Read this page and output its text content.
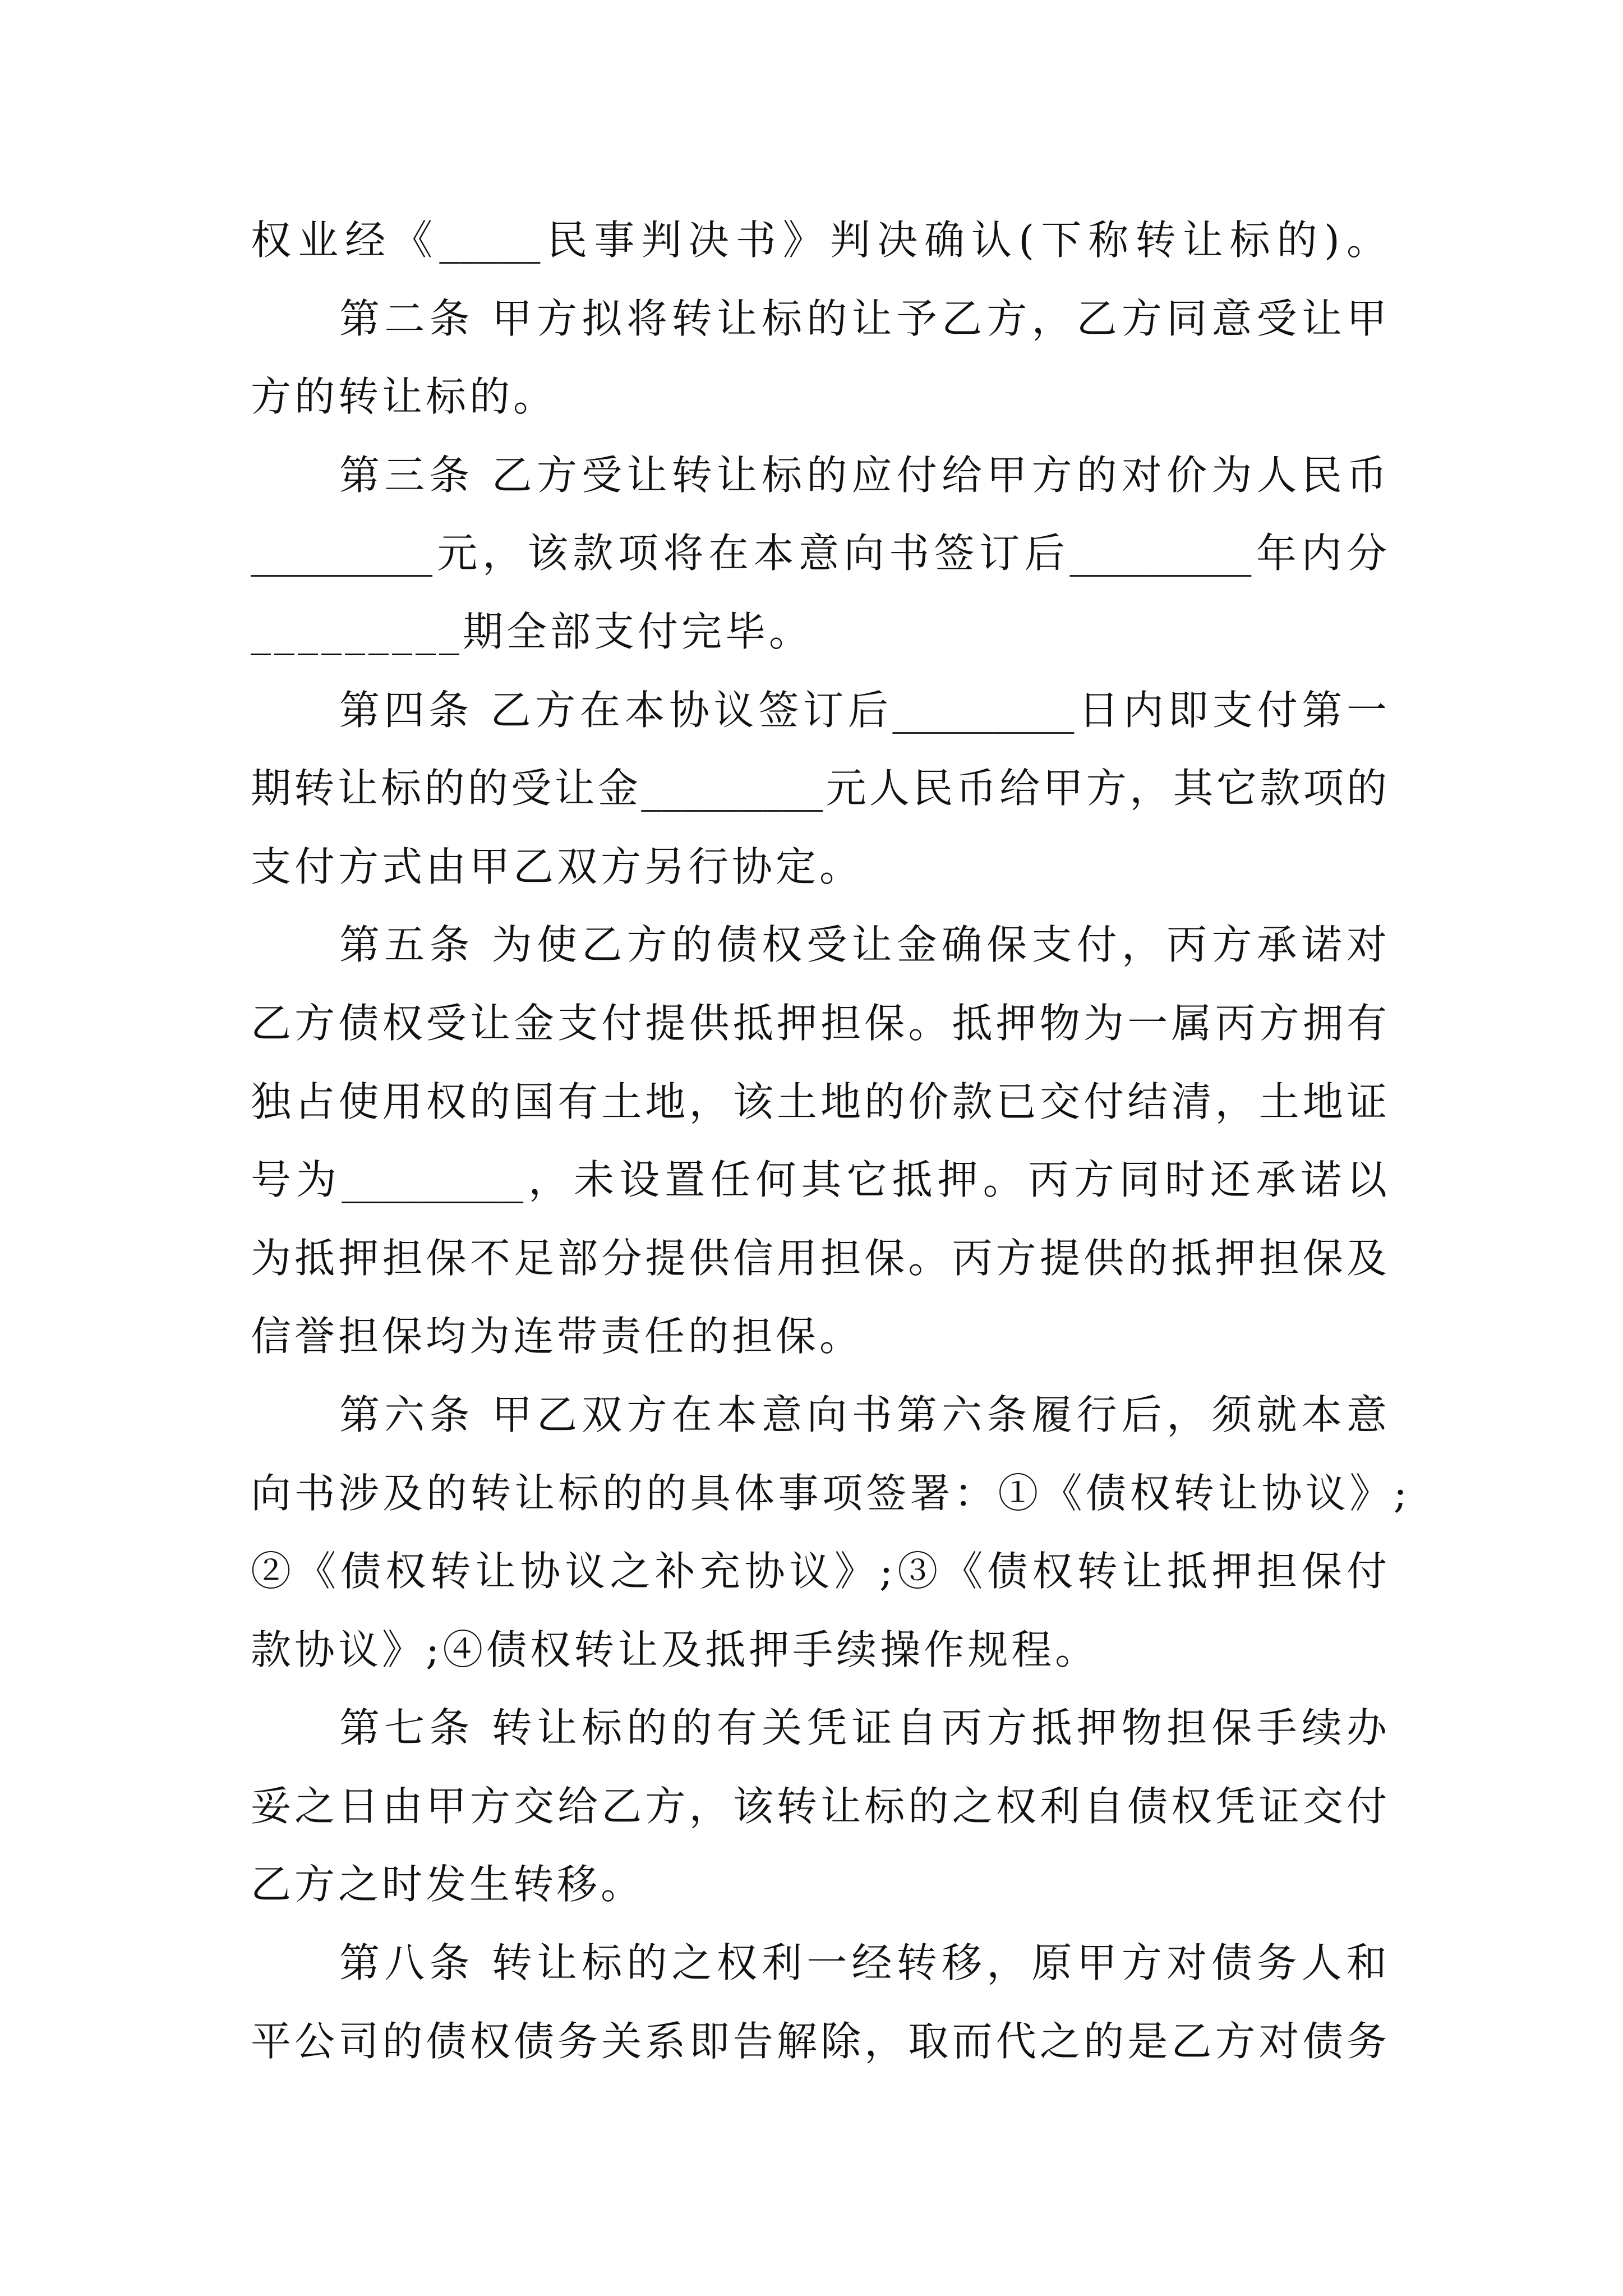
权业经《_____民事判决书》判决确认(下称转让标的)。
第二条 甲方拟将转让标的让予乙方，乙方同意受让甲
方的转让标的。
第三条 乙方受让转让标的应付给甲方的对价为人民币
_________元，该款项将在本意向书签订后_________年内分
_________期全部支付完毕。
第四条 乙方在本协议签订后_________日内即支付第一
期转让标的的受让金_________元人民币给甲方，其它款项的
支付方式由甲乙双方另行协定。
第五条 为使乙方的债权受让金确保支付，丙方承诺对
乙方债权受让金支付提供抵押担保。抵押物为一属丙方拥有
独占使用权的国有土地，该土地的价款已交付结清，土地证
号为_________，未设置任何其它抵押。丙方同时还承诺以
为抵押担保不足部分提供信用担保。丙方提供的抵押担保及
信誉担保均为连带责任的担保。
第六条 甲乙双方在本意向书第六条履行后，须就本意
向书涉及的转让标的的具体事项签署：①《债权转让协议》;
②《债权转让协议之补充协议》;③《债权转让抵押担保付
款协议》;④债权转让及抵押手续操作规程。
第七条 转让标的的有关凭证自丙方抵押物担保手续办
妥之日由甲方交给乙方，该转让标的之权利自债权凭证交付
乙方之时发生转移。
第八条 转让标的之权利一经转移，原甲方对债务人和
平公司的债权债务关系即告解除，取而代之的是乙方对债务
